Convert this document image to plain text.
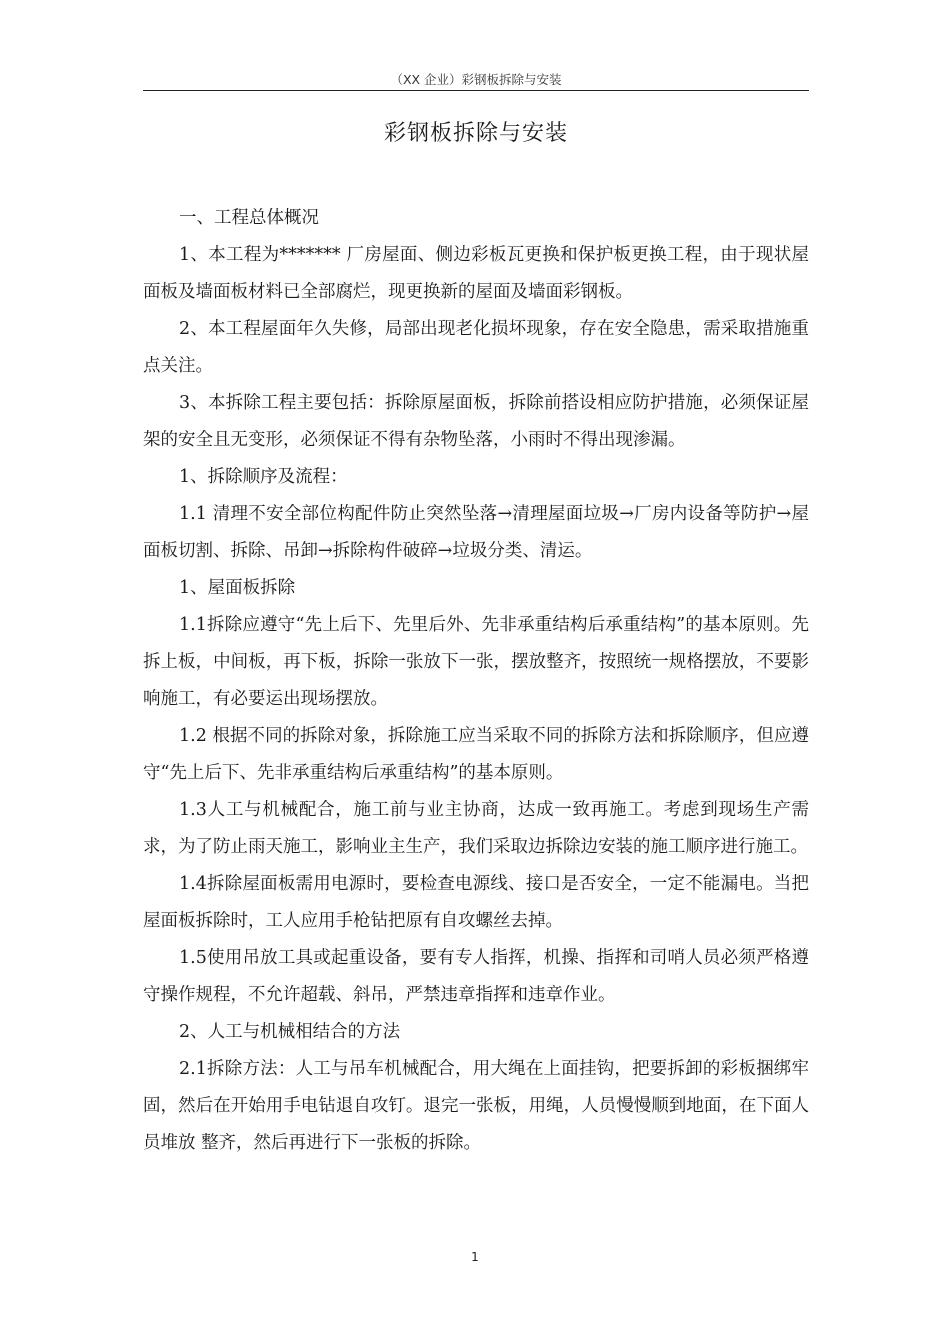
（XX 企业）彩钢板拆除与安装
彩钢板拆除与安装

一、工程总体概况

1、本工程为******* 厂房屋面、侧边彩板瓦更换和保护板更换工程，由于现状屋面板及墙面板材料已全部腐烂，现更换新的屋面及墙面彩钢板。

2、本工程屋面年久失修，局部出现老化损坏现象，存在安全隐患，需采取措施重点关注。

3、本拆除工程主要包括：拆除原屋面板，拆除前搭设相应防护措施，必须保证屋架的安全且无变形，必须保证不得有杂物坠落，小雨时不得出现渗漏。

1、拆除顺序及流程：

1.1 清理不安全部位构配件防止突然坠落→清理屋面垃圾→厂房内设备等防护→屋面板切割、拆除、吊卸→拆除构件破碎→垃圾分类、清运。

1、屋面板拆除

1.1拆除应遵守“先上后下、先里后外、先非承重结构后承重结构”的基本原则。先拆上板，中间板，再下板，拆除一张放下一张，摆放整齐，按照统一规格摆放，不要影响施工，有必要运出现场摆放。

1.2 根据不同的拆除对象，拆除施工应当采取不同的拆除方法和拆除顺序，但应遵守“先上后下、先非承重结构后承重结构”的基本原则。

1.3人工与机械配合，施工前与业主协商，达成一致再施工。考虑到现场生产需求，为了防止雨天施工，影响业主生产，我们采取边拆除边安装的施工顺序进行施工。

1.4拆除屋面板需用电源时，要检查电源线、接口是否安全，一定不能漏电。当把屋面板拆除时，工人应用手枪钻把原有自攻螺丝去掉。

1.5使用吊放工具或起重设备，要有专人指挥，机操、指挥和司哨人员必须严格遵守操作规程，不允许超载、斜吊，严禁违章指挥和违章作业。

2、人工与机械相结合的方法

2.1拆除方法：人工与吊车机械配合，用大绳在上面挂钩，把要拆卸的彩板捆绑牢固，然后在开始用手电钻退自攻钉。退完一张板，用绳，人员慢慢顺到地面，在下面人员堆放 整齐，然后再进行下一张板的拆除。

1
